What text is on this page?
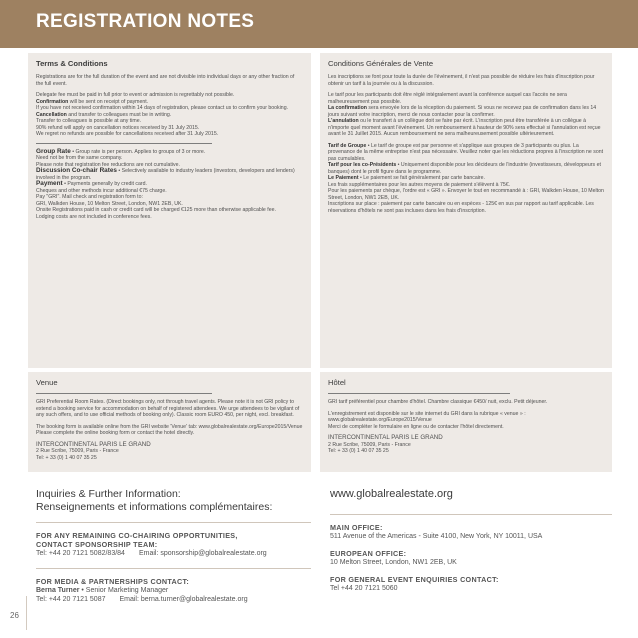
REGISTRATION NOTES

Terms & Conditions

Registrations are for the full duration of the event and are not divisible into individual days or any other fraction of the full event.

Delegate fee must be paid in full prior to event or admission is regrettably not possible.
Confirmation will be sent on receipt of payment.
If you have not received confirmation within 14 days of registration, please contact us to confirm your booking.
Cancellation and transfer to colleagues must be in writing.
Transfer to colleagues is possible at any time.
90% refund will apply on cancellation notices received by 31 July 2015.
We regret no refunds are possible for cancellations received after 31 July 2015.

Group Rate • Group rate is per person. Applies to groups of 3 or more.
Need not be from the same company.
Please note that registration fee reductions are not cumulative.
Discussion Co-chair Rates • Selectively available to industry leaders (investors, developers and lenders) involved in the program.
Payment • Payments generally by credit card.
Cheques and other methods incur additional €75 charge.
Pay "GRI". Mail check and registration form to:
GRI, Walkden House, 10 Melton Street, London, NW1 2EB, UK.
Onsite Registrations paid in cash or credit card will be charged €125 more than otherwise applicable fee.
Lodging costs are not included in conference fees.

Conditions Générales de Vente

Les inscriptions se font pour toute la durée de l'événement, il n'est pas possible de réduire les frais d'inscription pour obtenir un tarif à la journée ou à la discussion.

Le tarif pour les participants doit être réglé intégralement avant la conférence auquel cas l'accès ne sera malheureusement pas possible.
La confirmation sera envoyée lors de la réception du paiement. Si vous ne recevez pas de confirmation dans les 14 jours suivant votre inscription, merci de nous contacter pour la confirmer.
L'annulation ou le transfert à un collègue doit se faire par écrit. L'inscription peut être transférée à un collègue à n'importe quel moment avant l'événement. Un remboursement à hauteur de 90% sera effectué si l'annulation est reçue avant le 31 Juillet 2015. Aucun remboursement ne sera malheureusement possible ultérieurement.

Tarif de Groupe • Le tarif de groupe est par personne et s'applique aux groupes de 3 participants ou plus. La provenance de la même entreprise n'est pas nécessaire. Veuillez noter que les réductions propres à l'inscription ne sont pas cumulables.
Tarif pour les co-Présidents • Uniquement disponible pour les décideurs de l'industrie (investisseurs, développeurs et banques) dont le profil figure dans le programme.
Le Paiement • Le paiement se fait généralement par carte bancaire.
Les frais supplémentaires pour les autres moyens de paiement s'élèvent à 75€.
Pour les paiements par chèque, l'ordre est « GRI ». Envoyer le tout en recommandé à : GRI, Walkden House, 10 Melton Street, London, NW1 2EB, UK.
Inscriptions sur place : paiement par carte bancaire ou en espèces - 125€ en sus par rapport au tarif applicable. Les réservations d'hôtels ne sont pas incluses dans les frais d'inscription.

Venue

GRI Preferential Room Rates. (Direct bookings only, not through travel agents. Please note it is not GRI policy to extend a booking service for accommodation on behalf of registered attendees. We urge attendees to be vigilant of any such offers, and to use official methods of booking only). Classic room EURO 450, per night, excl. breakfast.

The booking form is available online from the GRI website 'Venue' tab: www.globalrealestate.org/Europe2015/Venue
Please complete the online booking form or contact the hotel directly.

INTERCONTINENTAL PARIS LE GRAND
2 Rue Scribe, 75009, Paris - France
Tel: + 33 (0) 1 40 07 35 25

Hôtel

GRI tarif préférentiel pour chambre d'hôtel. Chambre classique €450/ nuit, exclu. Petit déjeuner.

L'enregistrement est disponible sur le site internet du GRI dans la rubrique « venue » : www.globalrealestate.org/Europe2015/Venue
Merci de compléter le formulaire en ligne ou de contacter l'hôtel directement.

INTERCONTINENTAL PARIS LE GRAND
2 Rue Scribe, 75009, Paris - France
Tel: + 33 (0) 1 40 07 35 25

Inquiries & Further Information:

Renseignements et informations complémentaires:

FOR ANY REMAINING CO-CHAIRING OPPORTUNITIES,

CONTACT SPONSORSHIP TEAM:

Tel: +44 20 7121 5082/83/84 Email: sponsorship@globalrealestate.org

FOR MEDIA & PARTNERSHIPS CONTACT:

Berna Turner • Senior Marketing Manager

Tel: +44 20 7121 5087 Email: berna.turner@globalrealestate.org

www.globalrealestate.org

MAIN OFFICE:

511 Avenue of the Americas - Suite 4100, New York, NY 10011, USA

EUROPEAN OFFICE:

10 Melton Street, London, NW1 2EB, UK

FOR GENERAL EVENT ENQUIRIES CONTACT:

Tel +44 20 7121 5060

26
